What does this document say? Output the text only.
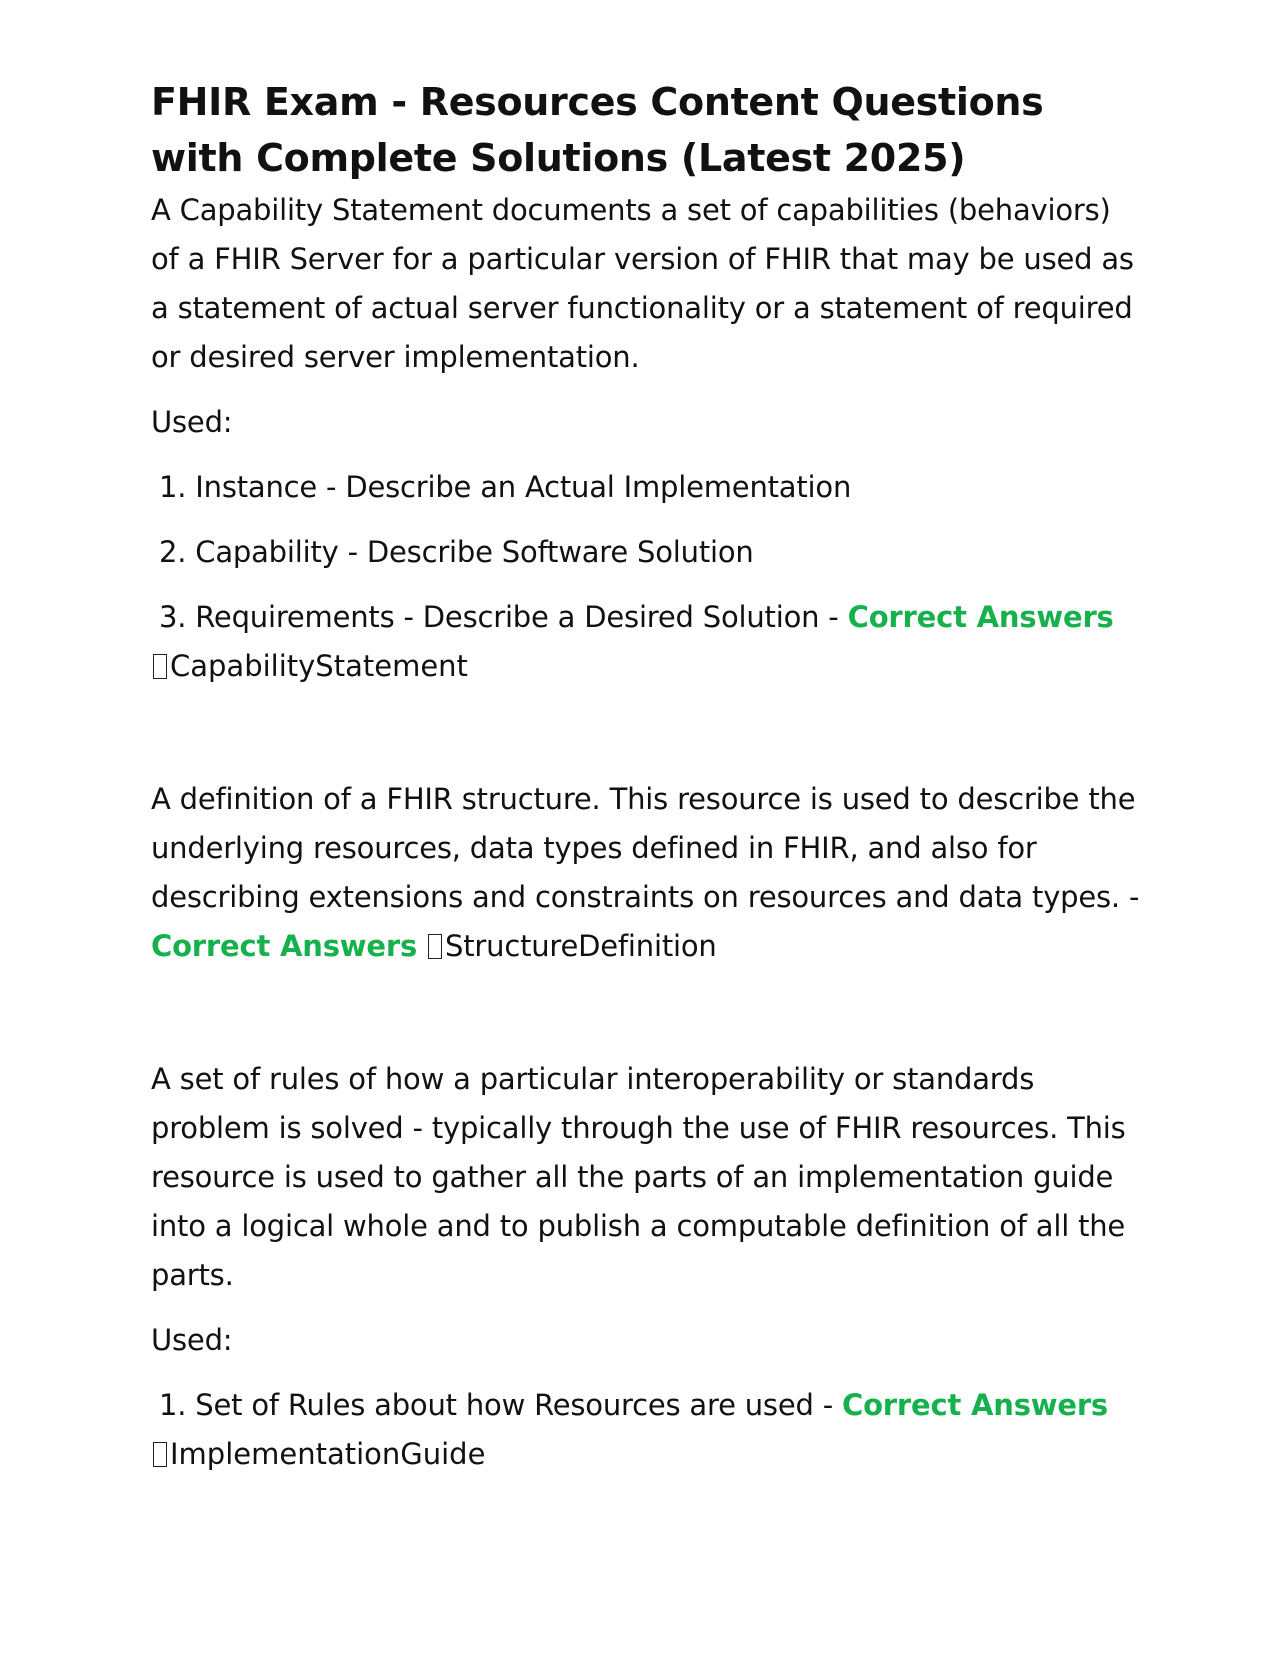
FHIR Exam - Resources Content Questions with Complete Solutions (Latest 2025)

A Capability Statement documents a set of capabilities (behaviors) of a FHIR Server for a particular version of FHIR that may be used as a statement of actual server functionality or a statement of required or desired server implementation.

Used:

1. Instance - Describe an Actual Implementation

2. Capability - Describe Software Solution

3. Requirements - Describe a Desired Solution - Correct Answers

CapabilityStatement

A definition of a FHIR structure. This resource is used to describe the underlying resources, data types defined in FHIR, and also for describing extensions and constraints on resources and data types. - Correct Answers StructureDefinition

A set of rules of how a particular interoperability or standards problem is solved - typically through the use of FHIR resources. This resource is used to gather all the parts of an implementation guide into a logical whole and to publish a computable definition of all the parts.

Used:

1. Set of Rules about how Resources are used - Correct Answers

ImplementationGuide
